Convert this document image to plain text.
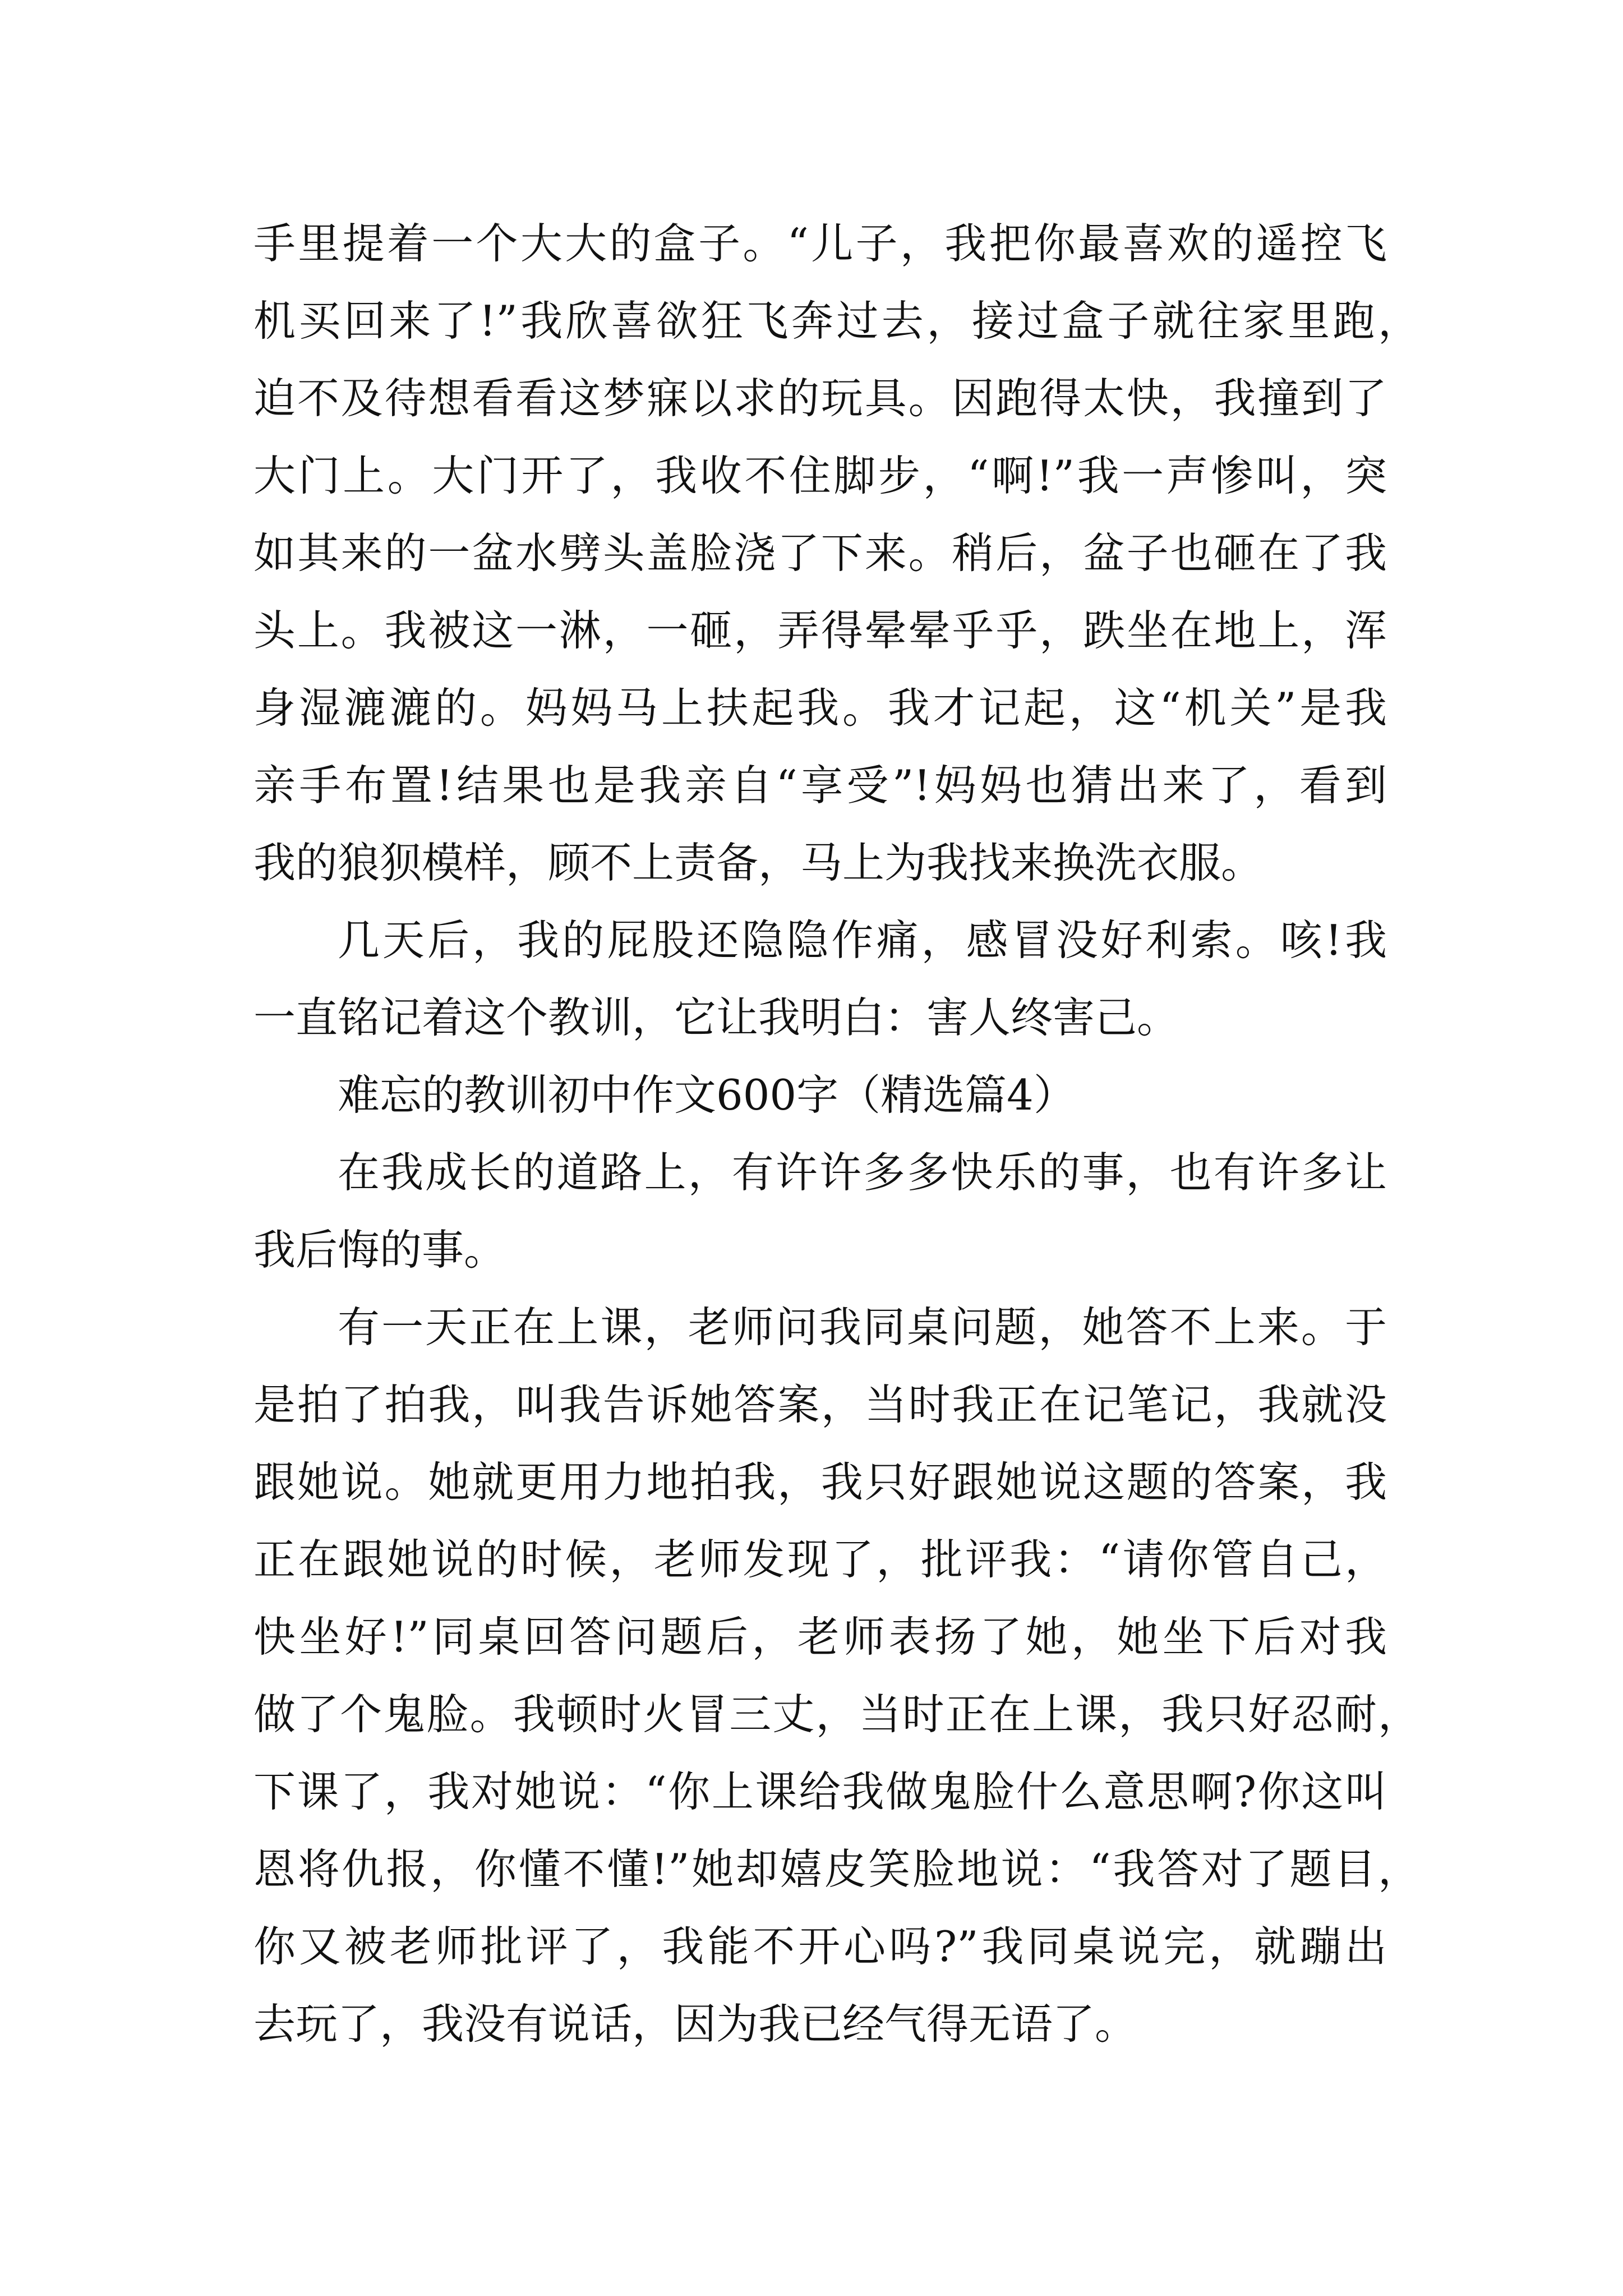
手里提着一个大大的盒子。“儿子，我把你最喜欢的遥控飞
机买回来了!”我欣喜欲狂飞奔过去，接过盒子就往家里跑，
迫不及待想看看这梦寐以求的玩具。因跑得太快，我撞到了
大门上。大门开了，我收不住脚步，“啊!”我一声惨叫，突
如其来的一盆水劈头盖脸浇了下来。稍后，盆子也砸在了我
头上。我被这一淋，一砸，弄得晕晕乎乎，跌坐在地上，浑
身湿漉漉的。妈妈马上扶起我。我才记起，这“机关”是我
亲手布置!结果也是我亲自“享受”!妈妈也猜出来了，看到
我的狼狈模样，顾不上责备，马上为我找来换洗衣服。
几天后，我的屁股还隐隐作痛，感冒没好利索。咳!我
一直铭记着这个教训，它让我明白：害人终害己。
难忘的教训初中作文600字（精选篇4）
在我成长的道路上，有许许多多快乐的事，也有许多让
我后悔的事。
有一天正在上课，老师问我同桌问题，她答不上来。于
是拍了拍我，叫我告诉她答案，当时我正在记笔记，我就没
跟她说。她就更用力地拍我，我只好跟她说这题的答案，我
正在跟她说的时候，老师发现了，批评我：“请你管自己，
快坐好!”同桌回答问题后，老师表扬了她，她坐下后对我
做了个鬼脸。我顿时火冒三丈，当时正在上课，我只好忍耐，
下课了，我对她说：“你上课给我做鬼脸什么意思啊?你这叫
恩将仇报，你懂不懂!”她却嬉皮笑脸地说：“我答对了题目，
你又被老师批评了，我能不开心吗?”我同桌说完，就蹦出
去玩了，我没有说话，因为我已经气得无语了。
